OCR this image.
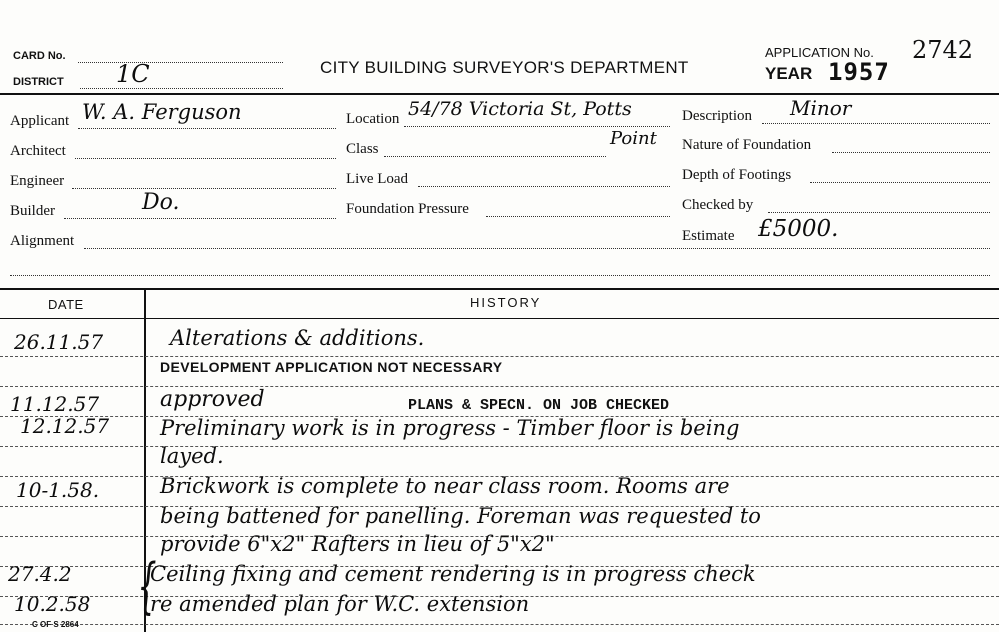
CARD No.
DISTRICT 1C	CITY BUILDING SURVEYOR'S DEPARTMENT
APPLICATION No. 2742
YEAR 1957
Applicant W. A. Ferguson
Architect
Engineer
Builder	Do.
Alignment
Location 54/78 Victoria St, Potts
Point
Class
Live Load
Foundation Pressure
Description Minor
Nature of Foundation
Depth of Footings
Checked by
Estimate £5000.
DATE	HISTORY
26.11.57	Alterations & additions.
DEVELOPMENT APPLICATION NOT NECESSARY
11.12.57	approved	PLANS & SPECN. ON JOB CHECKED
12.12.57 Preliminary work is in progress - Timber floor is being
layed.
10-1.58.	Brickwork is complete to near class room. Rooms are
being battened for panelling. Foreman was requested to
provide 6"x2" Rafters in lieu of 5"x2"
27.4.2	Ceiling fixing and cement rendering is in progress check
10.2.58	re amended plan for W.C. extension
{
C OF S 2864
